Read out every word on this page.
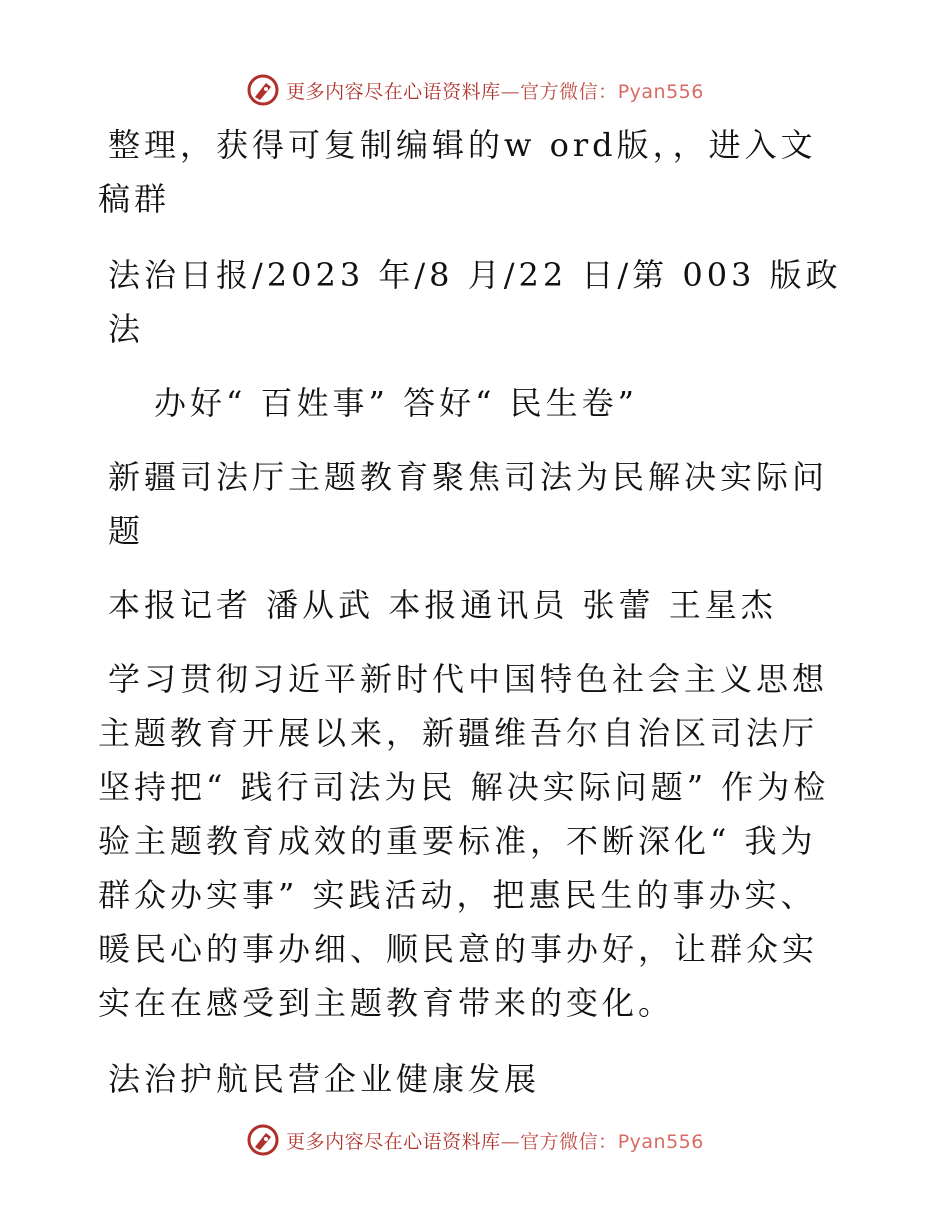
更多内容尽在心语资料库—官方微信：Pyan556

整理，获得可复制编辑的w ord版，，进入文稿群

法治日报/2023 年/8 月/22 日/第 003 版政法

办好“ 百姓事” 答好“ 民生卷”

新疆司法厅主题教育聚焦司法为民解决实际问题

本报记者 潘从武 本报通讯员 张蕾 王星杰

学习贯彻习近平新时代中国特色社会主义思想主题教育开展以来，新疆维吾尔自治区司法厅坚持把“ 践行司法为民 解决实际问题” 作为检验主题教育成效的重要标准，不断深化“ 我为群众办实事” 实践活动，把惠民生的事办实、暖民心的事办细、顺民意的事办好，让群众实实在在感受到主题教育带来的变化。

法治护航民营企业健康发展

更多内容尽在心语资料库—官方微信：Pyan556
